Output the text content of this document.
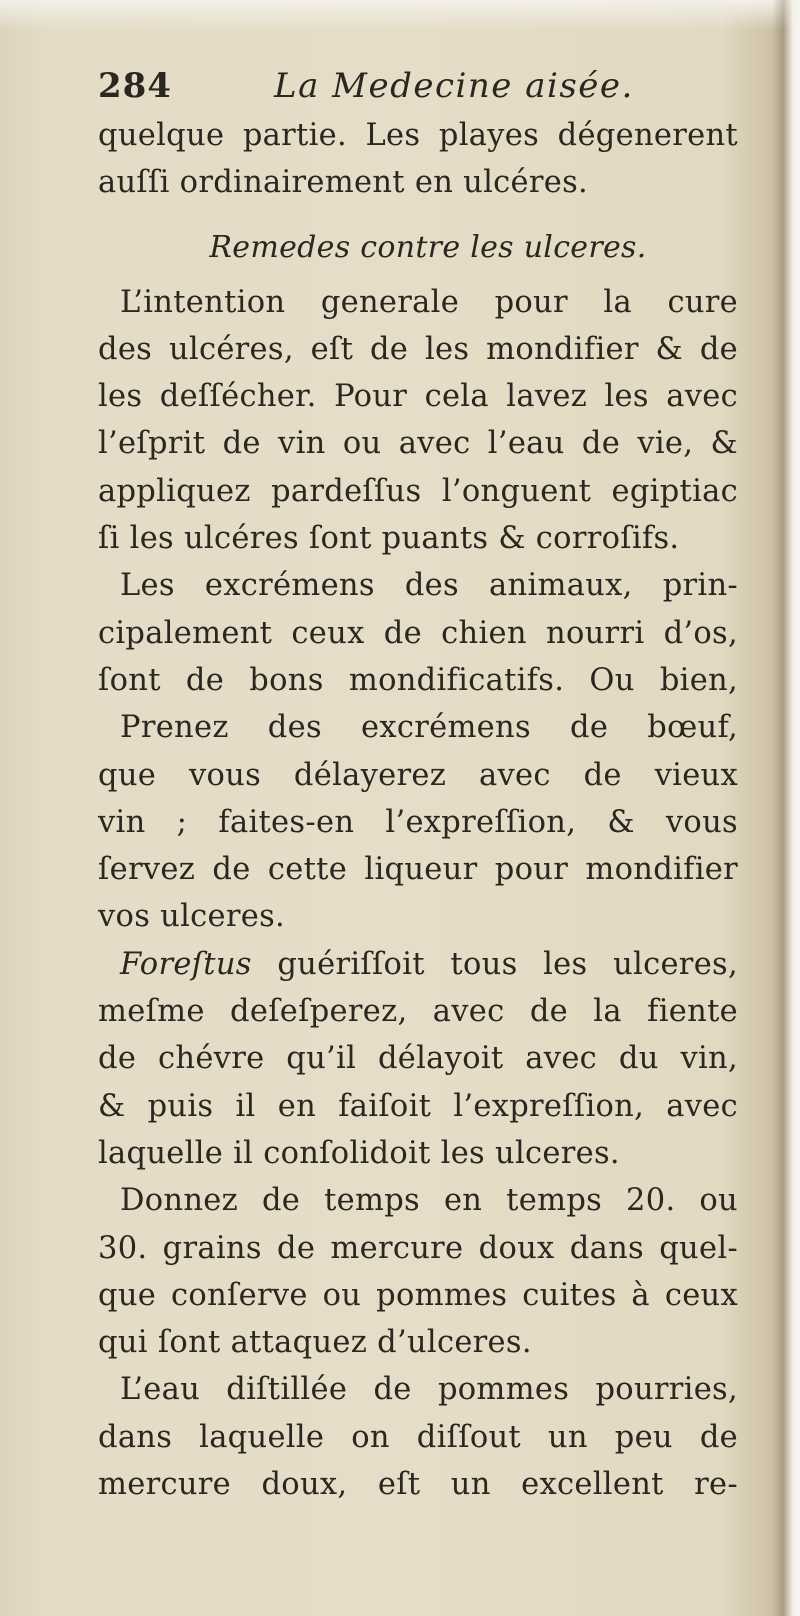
284	La Medecine aisée.
quelque partie. Les playes dégenerent
auſſi ordinairement en ulcéres.
Remedes contre les ulceres.
L’intention generale pour la cure
des ulcéres, eſt de les mondifier & de
les deſſécher. Pour cela lavez les avec
l’eſprit de vin ou avec l’eau de vie, &
appliquez pardeſſus l’onguent egiptiac
ſi les ulcéres ſont puants & corroſifs.
Les excrémens des animaux, prin-
cipalement ceux de chien nourri d’os,
ſont de bons mondificatifs. Ou bien,
Prenez des excrémens de bœuf,
que vous délayerez avec de vieux
vin ; faites-en l’expreſſion, & vous
ſervez de cette liqueur pour mondifier
vos ulceres.
Foreſtus guériſſoit tous les ulceres,
meſme deſeſperez, avec de la fiente
de chévre qu’il délayoit avec du vin,
& puis il en faiſoit l’expreſſion, avec
laquelle il conſolidoit les ulceres.
Donnez de temps en temps 20. ou
30. grains de mercure doux dans quel-
que conſerve ou pommes cuites à ceux
qui ſont attaquez d’ulceres.
L’eau diſtillée de pommes pourries,
dans laquelle on diſſout un peu de
mercure doux, eſt un excellent re-
